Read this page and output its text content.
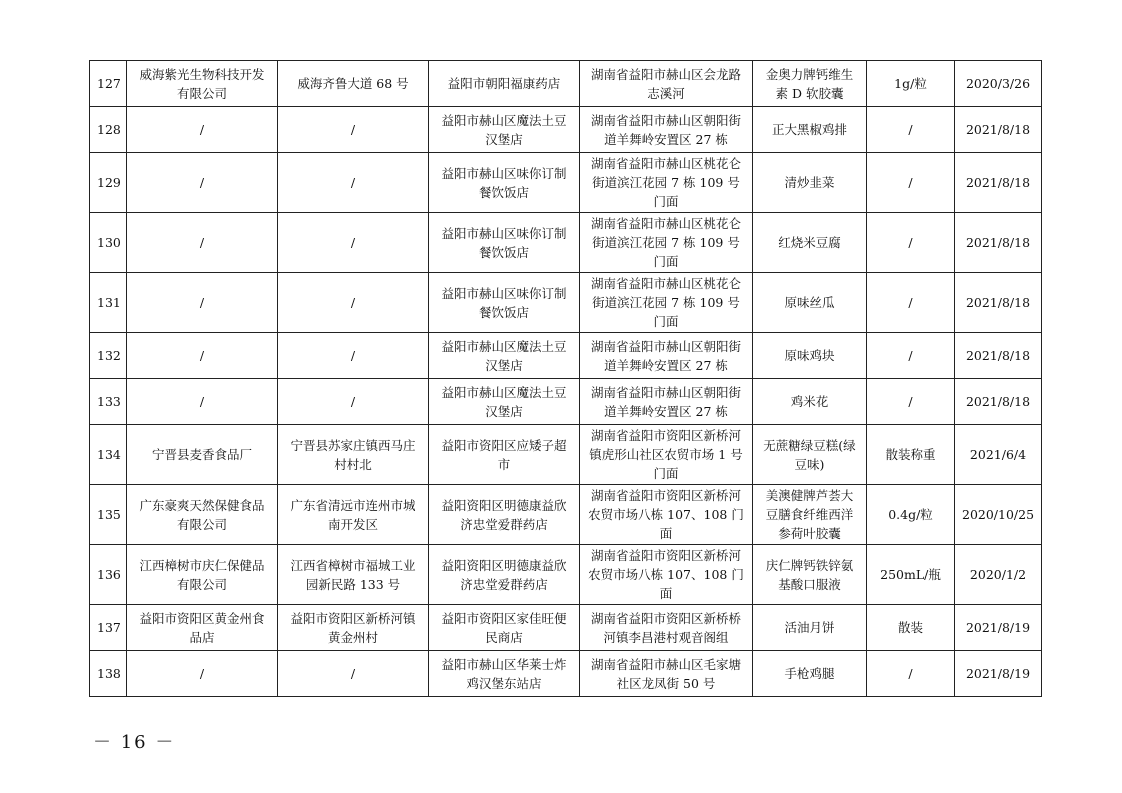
127	威海紫光生物科技开发有限公司	威海齐鲁大道 68 号	益阳市朝阳福康药店	湖南省益阳市赫山区会龙路志溪河	金奥力牌钙维生素 D 软胶囊	1g/粒	2020/3/26
128	/	/	益阳市赫山区魔法土豆汉堡店	湖南省益阳市赫山区朝阳街道羊舞岭安置区 27 栋	正大黑椒鸡排	/	2021/8/18
129	/	/	益阳市赫山区味你订制餐饮饭店	湖南省益阳市赫山区桃花仑街道滨江花园 7 栋 109 号门面	清炒韭菜	/	2021/8/18
130	/	/	益阳市赫山区味你订制餐饮饭店	湖南省益阳市赫山区桃花仑街道滨江花园 7 栋 109 号门面	红烧米豆腐	/	2021/8/18
131	/	/	益阳市赫山区味你订制餐饮饭店	湖南省益阳市赫山区桃花仑街道滨江花园 7 栋 109 号门面	原味丝瓜	/	2021/8/18
132	/	/	益阳市赫山区魔法土豆汉堡店	湖南省益阳市赫山区朝阳街道羊舞岭安置区 27 栋	原味鸡块	/	2021/8/18
133	/	/	益阳市赫山区魔法土豆汉堡店	湖南省益阳市赫山区朝阳街道羊舞岭安置区 27 栋	鸡米花	/	2021/8/18
134	宁晋县麦香食品厂	宁晋县苏家庄镇西马庄村村北	益阳市资阳区应矮子超市	湖南省益阳市资阳区新桥河镇虎形山社区农贸市场 1 号门面	无蔗糖绿豆糕(绿豆味)	散装称重	2021/6/4
135	广东豪爽天然保健食品有限公司	广东省清远市连州市城南开发区	益阳资阳区明德康益欣济忠堂爱群药店	湖南省益阳市资阳区新桥河农贸市场八栋 107、108 门面	美澳健牌芦荟大豆膳食纤维西洋参荷叶胶囊	0.4g/粒	2020/10/25
136	江西樟树市庆仁保健品有限公司	江西省樟树市福城工业园新民路 133 号	益阳资阳区明德康益欣济忠堂爱群药店	湖南省益阳市资阳区新桥河农贸市场八栋 107、108 门面	庆仁牌钙铁锌氨基酸口服液	250mL/瓶	2020/1/2
137	益阳市资阳区黄金州食品店	益阳市资阳区新桥河镇黄金州村	益阳市资阳区家佳旺便民商店	湖南省益阳市资阳区新桥桥河镇李昌港村观音阁组	活油月饼	散装	2021/8/19
138	/	/	益阳市赫山区华莱士炸鸡汉堡东站店	湖南省益阳市赫山区毛家塘社区龙凤街 50 号	手枪鸡腿	/	2021/8/19
－ 16 －
